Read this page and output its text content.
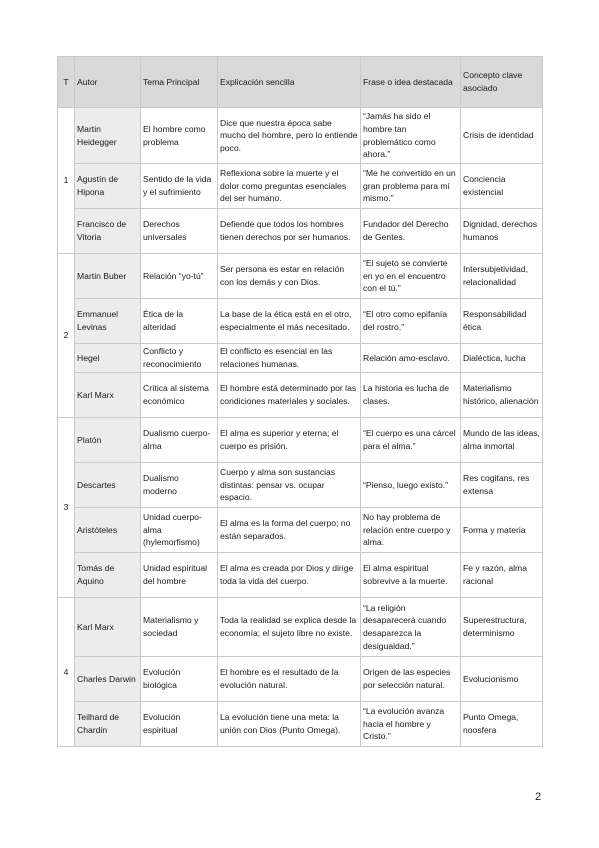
T	Autor	Tema Principal	Explicación sencilla	Frase o idea destacada	Concepto clave asociado
1	Martin Heidegger	El hombre como problema	Dice que nuestra época sabe mucho del hombre, pero lo entiende poco.	“Jamás ha sido el hombre tan problemático como ahora.”	Crisis de identidad
	Agustín de Hipona	Sentido de la vida y el sufrimiento	Reflexiona sobre la muerte y el dolor como preguntas esenciales del ser humano.	“Me he convertido en un gran problema para mí mismo.”	Conciencia existencial
	Francisco de Vitoria	Derechos universales	Defiende que todos los hombres tienen derechos por ser humanos.	Fundador del Derecho de Gentes.	Dignidad, derechos humanos
2	Martin Buber	Relación “yo-tú”	Ser persona es estar en relación con los demás y con Dios.	“El sujeto se convierte en yo en el encuentro con el tú.”	Intersubjetividad, relacionalidad
	Emmanuel Levinas	Ética de la alteridad	La base de la ética está en el otro, especialmente el más necesitado.	“El otro como epifanía del rostro.”	Responsabilidad ética
	Hegel	Conflicto y reconocimiento	El conflicto es esencial en las relaciones humanas.	Relación amo-esclavo.	Dialéctica, lucha
	Karl Marx	Crítica al sistema económico	El hombre está determinado por las condiciones materiales y sociales.	La historia es lucha de clases.	Materialismo histórico, alienación
3	Platón	Dualismo cuerpo-alma	El alma es superior y eterna; el cuerpo es prisión.	“El cuerpo es una cárcel para el alma.”	Mundo de las ideas, alma inmortal
	Descartes	Dualismo moderno	Cuerpo y alma son sustancias distintas: pensar vs. ocupar espacio.	“Pienso, luego existo.”	Res cogitans, res extensa
	Aristóteles	Unidad cuerpo-alma (hylemorfismo)	El alma es la forma del cuerpo; no están separados.	No hay problema de relación entre cuerpo y alma.	Forma y materia
	Tomás de Aquino	Unidad espiritual del hombre	El alma es creada por Dios y dirige toda la vida del cuerpo.	El alma espiritual sobrevive a la muerte.	Fe y razón, alma racional
4	Karl Marx	Materialismo y sociedad	Toda la realidad se explica desde la economía; el sujeto libre no existe.	“La religión desaparecerá cuando desaparezca la desigualdad.”	Superestructura, determinismo
	Charles Darwin	Evolución biológica	El hombre es el resultado de la evolución natural.	Origen de las especies por selección natural.	Evolucionismo
	Teilhard de Chardin	Evolución espiritual	La evolución tiene una meta: la unión con Dios (Punto Omega).	“La evolución avanza hacia el hombre y Cristo.”	Punto Omega, noosfera
2
